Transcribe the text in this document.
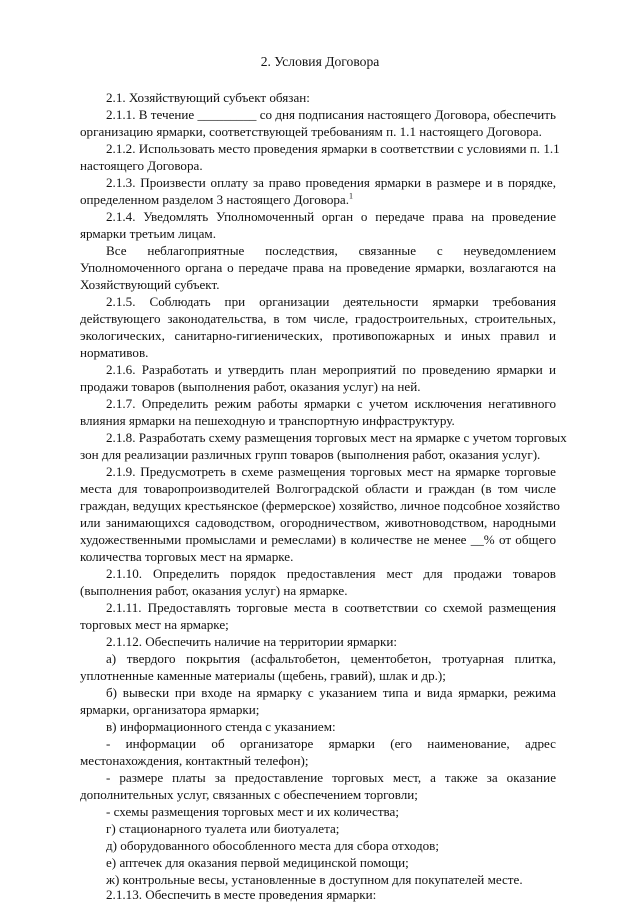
2. Условия Договора
2.1. Хозяйствующий субъект обязан:
2.1.1. В течение _________ со дня подписания настоящего Договора, обеспечить
организацию ярмарки, соответствующей требованиям п. 1.1 настоящего Договора.
2.1.2. Использовать место проведения ярмарки в соответствии с условиями п. 1.1
настоящего Договора.
2.1.3. Произвести оплату за право проведения ярмарки в размере и в порядке,
определенном разделом 3 настоящего Договора.$^1$
2.1.4. Уведомлять Уполномоченный орган о передаче права на проведение
ярмарки третьим лицам.
Все неблагоприятные последствия, связанные с неуведомлением
Уполномоченного органа о передаче права на проведение ярмарки, возлагаются на
Хозяйствующий субъект.
2.1.5. Соблюдать при организации деятельности ярмарки требования
действующего законодательства, в том числе, градостроительных, строительных,
экологических, санитарно-гигиенических, противопожарных и иных правил и
нормативов.
2.1.6. Разработать и утвердить план мероприятий по проведению ярмарки и
продажи товаров (выполнения работ, оказания услуг) на ней.
2.1.7. Определить режим работы ярмарки с учетом исключения негативного
влияния ярмарки на пешеходную и транспортную инфраструктуру.
2.1.8. Разработать схему размещения торговых мест на ярмарке с учетом торговых
зон для реализации различных групп товаров (выполнения работ, оказания услуг).
2.1.9. Предусмотреть в схеме размещения торговых мест на ярмарке торговые
места для товаропроизводителей Волгоградской области и граждан (в том числе
граждан, ведущих крестьянское (фермерское) хозяйство, личное подсобное хозяйство
или занимающихся садоводством, огородничеством, животноводством, народными
художественными промыслами и ремеслами) в количестве не менее __% от общего
количества торговых мест на ярмарке.
2.1.10. Определить порядок предоставления мест для продажи товаров
(выполнения работ, оказания услуг) на ярмарке.
2.1.11. Предоставлять торговые места в соответствии со схемой размещения
торговых мест на ярмарке;
2.1.12. Обеспечить наличие на территории ярмарки:
а) твердого покрытия (асфальтобетон, цементобетон, тротуарная плитка,
уплотненные каменные материалы (щебень, гравий), шлак и др.);
б) вывески при входе на ярмарку с указанием типа и вида ярмарки, режима
ярмарки, организатора ярмарки;
в) информационного стенда с указанием:
- информации об организаторе ярмарки (его наименование, адрес
местонахождения, контактный телефон);
- размере платы за предоставление торговых мест, а также за оказание
дополнительных услуг, связанных с обеспечением торговли;
- схемы размещения торговых мест и их количества;
г) стационарного туалета или биотуалета;
д) оборудованного обособленного места для сбора отходов;
е) аптечек для оказания первой медицинской помощи;
ж) контрольные весы, установленные в доступном для покупателей месте.
2.1.13. Обеспечить в месте проведения ярмарки:
